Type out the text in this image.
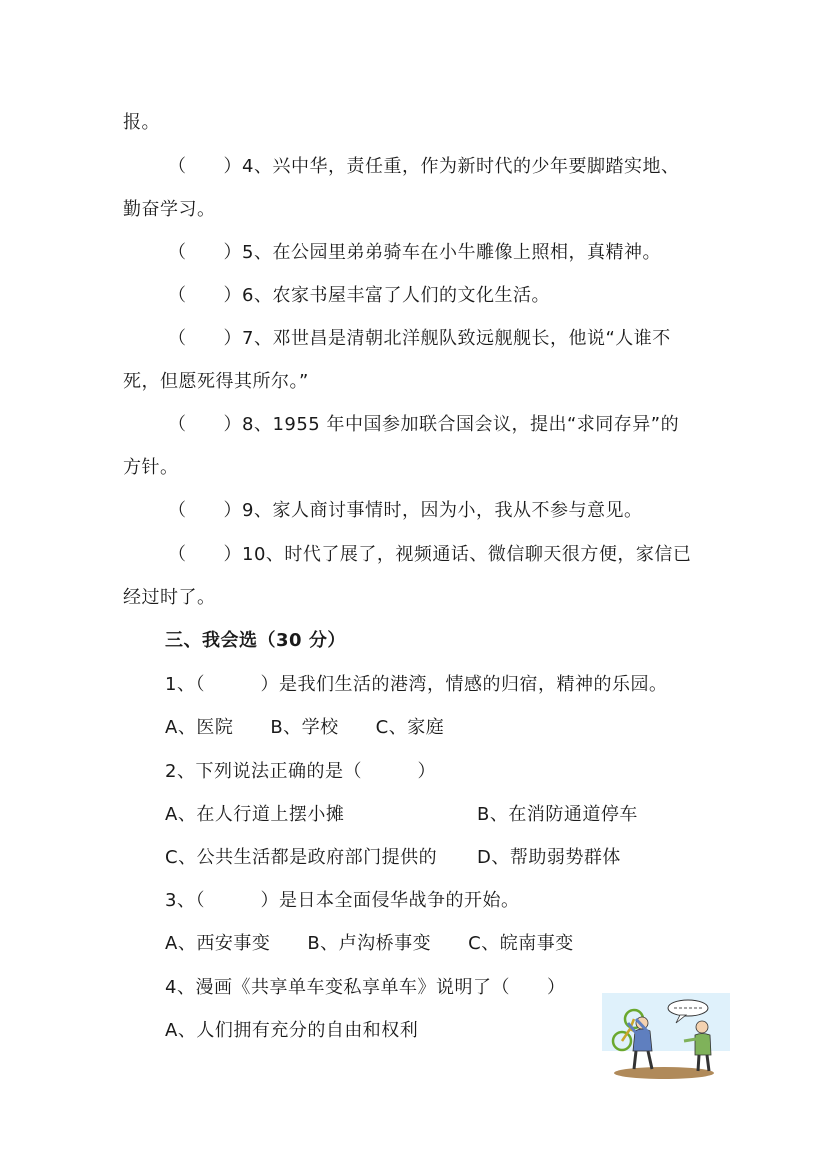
报。
（　　）4、兴中华，责任重，作为新时代的少年要脚踏实地、
勤奋学习。
（　　）5、在公园里弟弟骑车在小牛雕像上照相，真精神。
（　　）6、农家书屋丰富了人们的文化生活。
（　　）7、邓世昌是清朝北洋舰队致远舰舰长，他说“人谁不
死，但愿死得其所尔。”
（　　）8、1955 年中国参加联合国会议，提出“求同存异”的
方针。
（　　）9、家人商讨事情时，因为小，我从不参与意见。
（　　）10、时代了展了，视频通话、微信聊天很方便，家信已
经过时了。
三、我会选（30 分）
1、（　　　）是我们生活的港湾，情感的归宿，精神的乐园。
A、医院　　B、学校　　C、家庭
2、下列说法正确的是（　　　）
A、在人行道上摆小摊	B、在消防通道停车
C、公共生活都是政府部门提供的 D、帮助弱势群体
3、（　　　）是日本全面侵华战争的开始。
A、西安事变　　B、卢沟桥事变　　C、皖南事变
4、漫画《共享单车变私享单车》说明了（　　）
A、人们拥有充分的自由和权利
